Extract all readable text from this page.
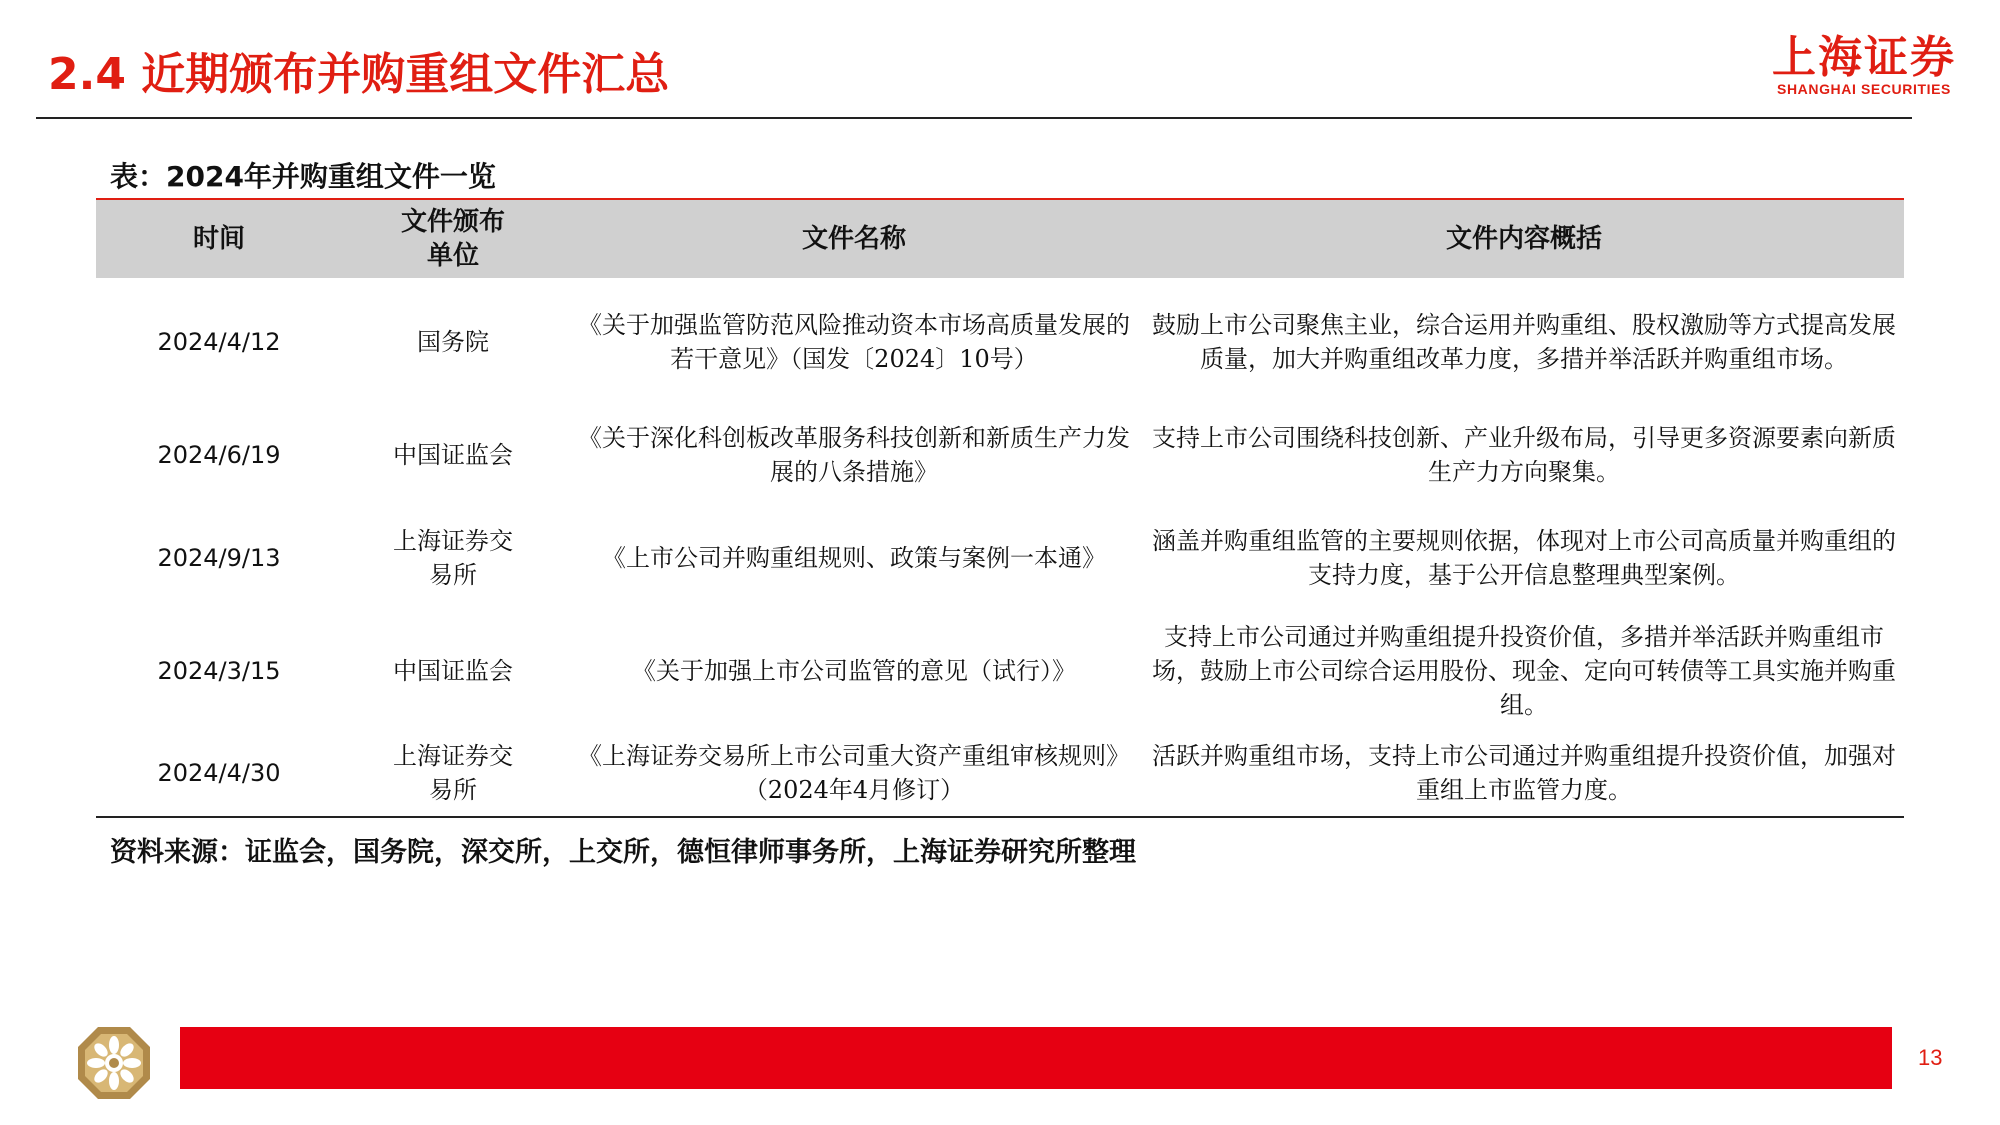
2.4 近期颁布并购重组文件汇总	上海证券
SHANGHAI SECURITIES
表：2024年并购重组文件一览
时间	文件颁布单位	文件名称	文件内容概括
2024/4/12	国务院	《关于加强监管防范风险推动资本市场高质量发展的若干意见》（国发〔2024〕10号）	鼓励上市公司聚焦主业，综合运用并购重组、股权激励等方式提高发展质量，加大并购重组改革力度，多措并举活跃并购重组市场。
2024/6/19	中国证监会	《关于深化科创板改革服务科技创新和新质生产力发展的八条措施》	支持上市公司围绕科技创新、产业升级布局，引导更多资源要素向新质生产力方向聚集。
2024/9/13	上海证券交易所	《上市公司并购重组规则、政策与案例一本通》	涵盖并购重组监管的主要规则依据，体现对上市公司高质量并购重组的支持力度，基于公开信息整理典型案例。
2024/3/15	中国证监会	《关于加强上市公司监管的意见（试行）》	支持上市公司通过并购重组提升投资价值，多措并举活跃并购重组市场，鼓励上市公司综合运用股份、现金、定向可转债等工具实施并购重组。
2024/4/30	上海证券交易所	《上海证券交易所上市公司重大资产重组审核规则》（2024年4月修订）	活跃并购重组市场，支持上市公司通过并购重组提升投资价值，加强对重组上市监管力度。

资料来源：证监会，国务院，深交所，上交所，德恒律师事务所，上海证券研究所整理

13
